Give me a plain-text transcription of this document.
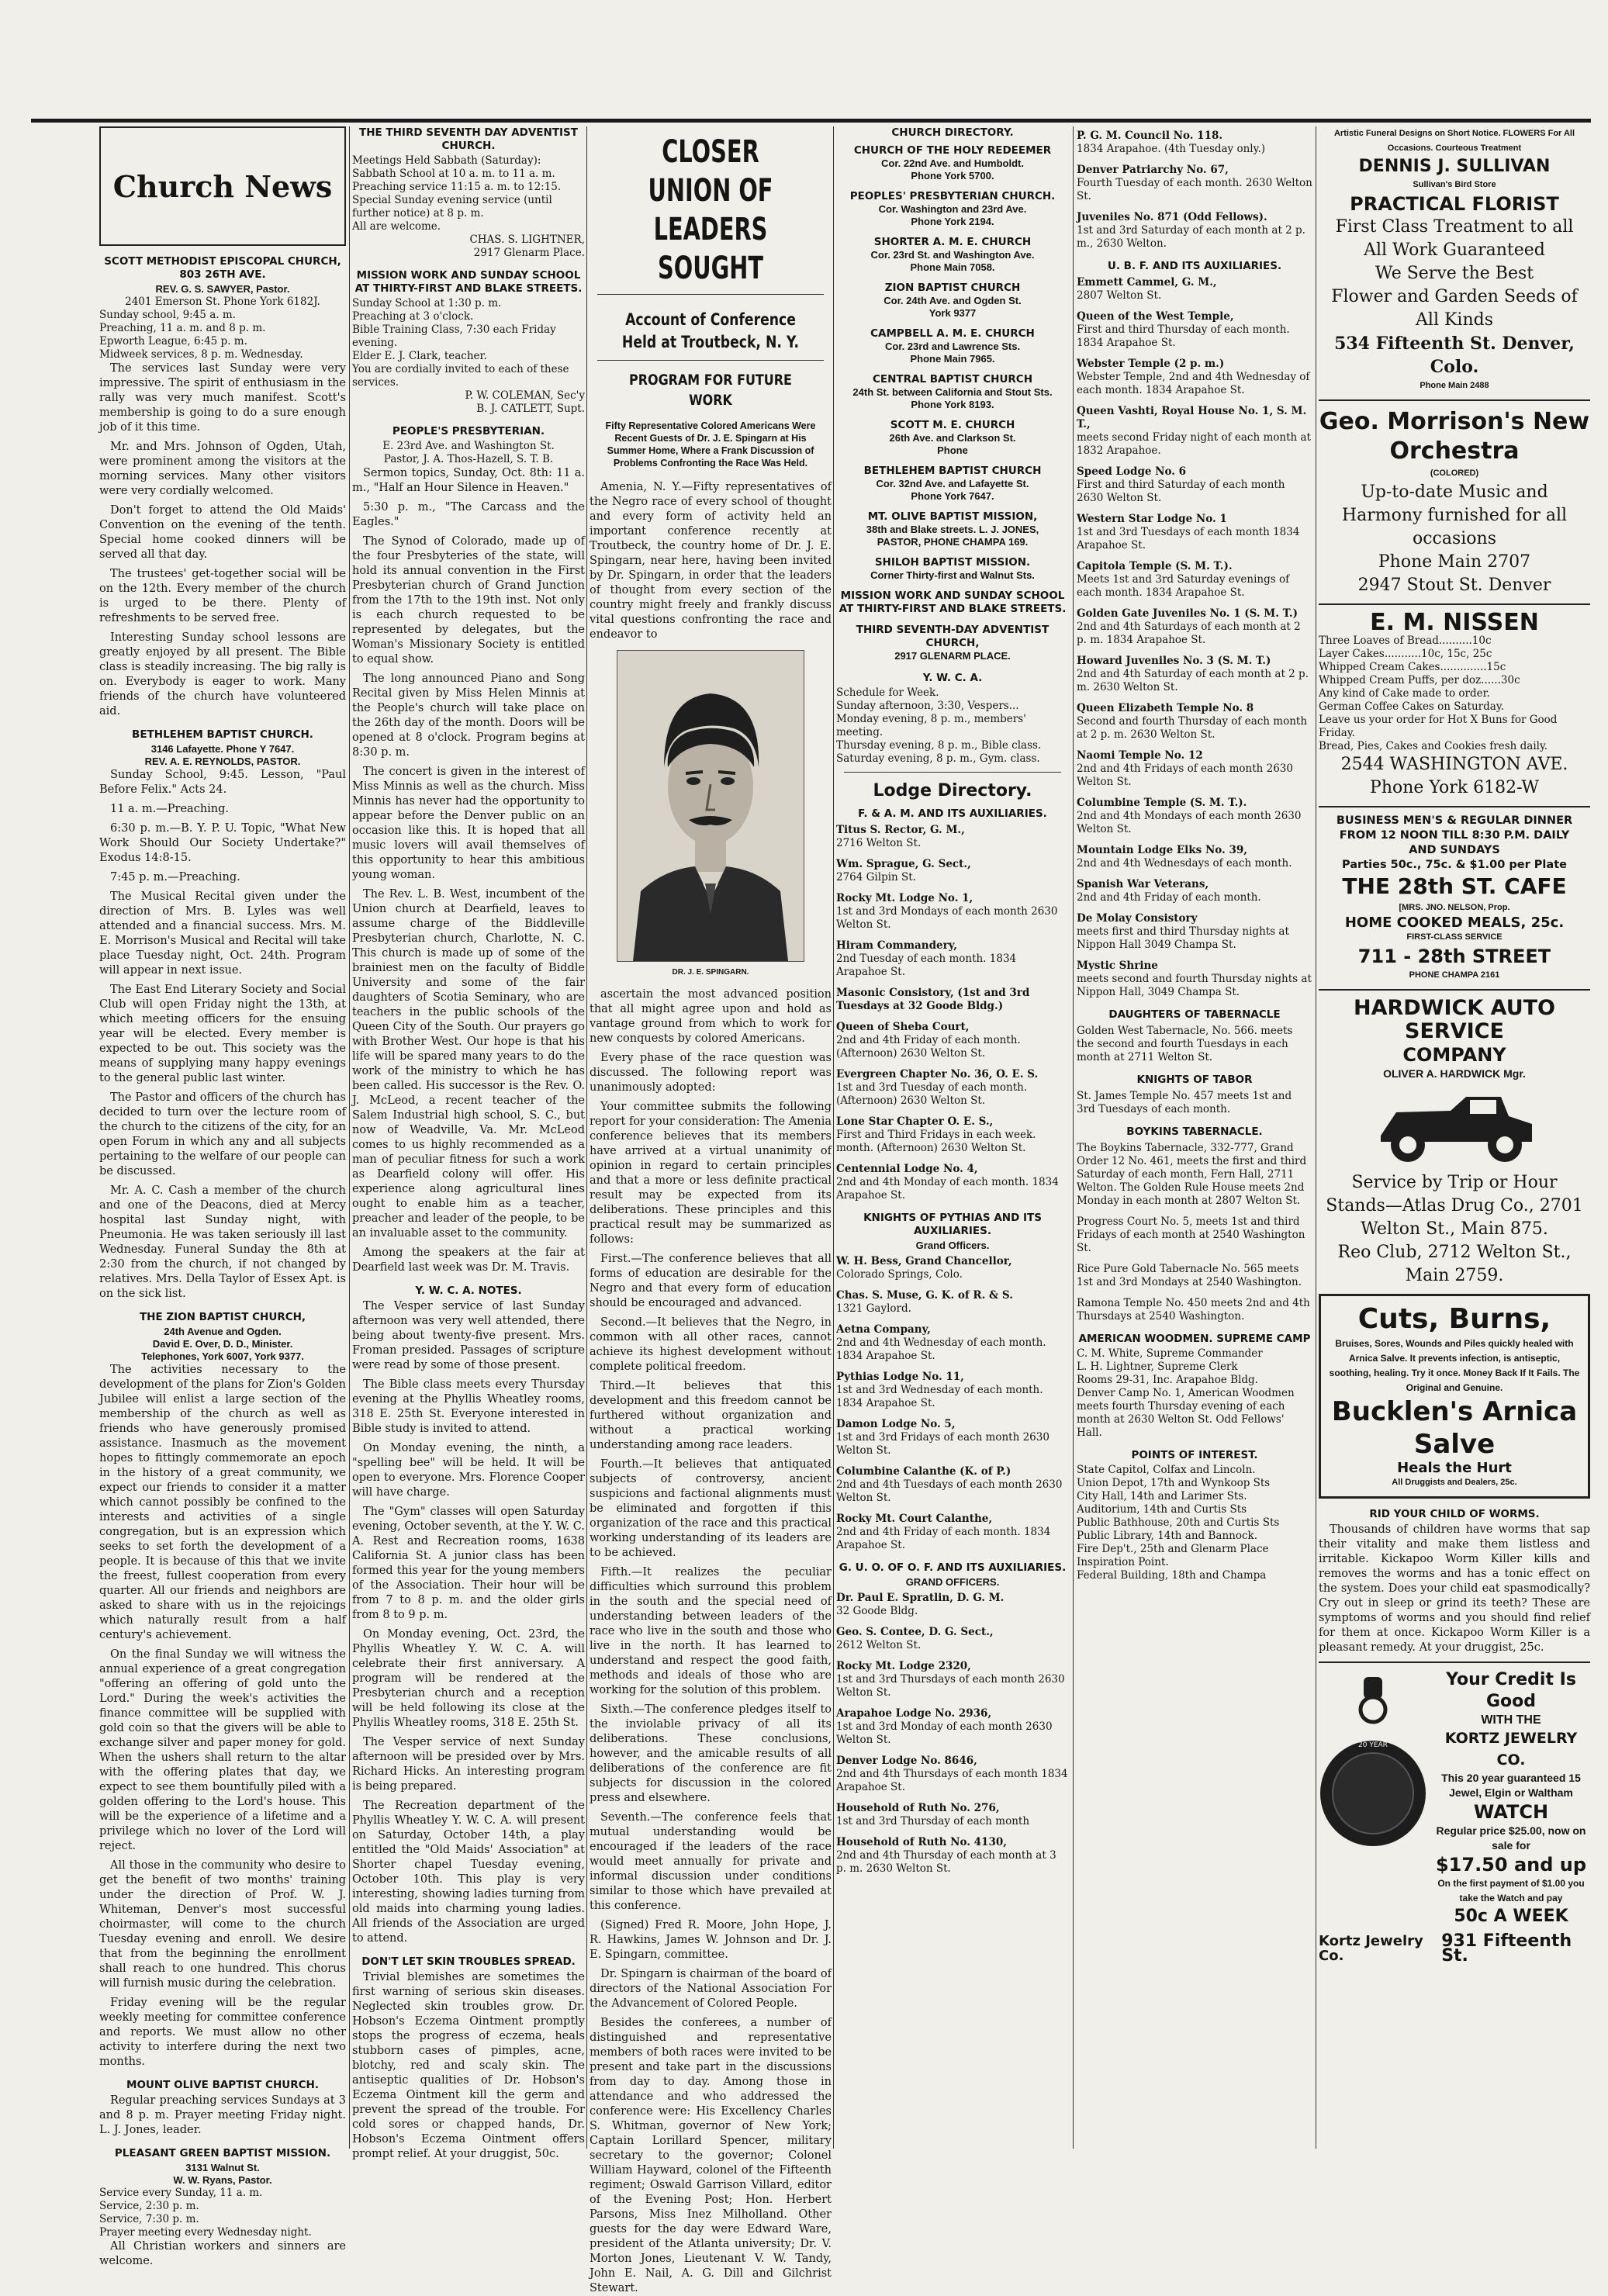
Church News
SCOTT METHODIST EPISCOPAL CHURCH, 803 26TH AVE.
REV. G. S. SAWYER, Pastor.
2401 Emerson St. Phone York 6182J.
Sunday school, 9:45 a. m.
Preaching, 11 a. m. and 8 p. m.
Epworth League, 6:45 p. m.
Midweek services, 8 p. m. Wednesday.

The services last Sunday were very impressive. The spirit of enthusiasm in the rally was very much manifest. Scott's membership is going to do a sure enough job of it this time.

Mr. and Mrs. Johnson of Ogden, Utah, were prominent among the visitors at the morning services. Many other visitors were very cordially welcomed.

Don't forget to attend the Old Maids' Convention on the evening of the tenth. Special home cooked dinners will be served all that day.

The trustees' get-together social will be on the 12th. Every member of the church is urged to be there. Plenty of refreshments to be served free.

Interesting Sunday school lessons are greatly enjoyed by all present. The Bible class is steadily increasing. The big rally is on. Everybody is eager to work. Many friends of the church have volunteered aid.

BETHLEHEM BAPTIST CHURCH.
3146 Lafayette. Phone Y 7647.
REV. A. E. REYNOLDS, PASTOR.

Sunday School, 9:45. Lesson, "Paul Before Felix." Acts 24.

11 a. m.—Preaching.

6:30 p. m.—B. Y. P. U. Topic, "What New Work Should Our Society Undertake?" Exodus 14:8-15.

7:45 p. m.—Preaching.

The Musical Recital given under the direction of Mrs. B. Lyles was well attended and a financial success. Mrs. M. E. Morrison's Musical and Recital will take place Tuesday night, Oct. 24th. Program will appear in next issue.

The East End Literary Society and Social Club will open Friday night the 13th, at which meeting officers for the ensuing year will be elected. Every member is expected to be out. This society was the means of supplying many happy evenings to the general public last winter.

The Pastor and officers of the church has decided to turn over the lecture room of the church to the citizens of the city, for an open Forum in which any and all subjects pertaining to the welfare of our people can be discussed.

Mr. A. C. Cash a member of the church and one of the Deacons, died at Mercy hospital last Sunday night, with Pneumonia. He was taken seriously ill last Wednesday. Funeral Sunday the 8th at 2:30 from the church, if not changed by relatives. Mrs. Della Taylor of Essex Apt. is on the sick list.

THE ZION BAPTIST CHURCH,
24th Avenue and Ogden.
David E. Over, D. D., Minister.
Telephones, York 6007, York 9377.

The activities necessary to the development of the plans for Zion's Golden Jubilee will enlist a large section of the membership of the church as well as friends who have generously promised assistance. Inasmuch as the movement hopes to fittingly commemorate an epoch in the history of a great community, we expect our friends to consider it a matter which cannot possibly be confined to the interests and activities of a single congregation, but is an expression which seeks to set forth the development of a people. It is because of this that we invite the freest, fullest cooperation from every quarter. All our friends and neighbors are asked to share with us in the rejoicings which naturally result from a half century's achievement.

On the final Sunday we will witness the annual experience of a great congregation "offering an offering of gold unto the Lord." During the week's activities the finance committee will be supplied with gold coin so that the givers will be able to exchange silver and paper money for gold. When the ushers shall return to the altar with the offering plates that day, we expect to see them bountifully piled with a golden offering to the Lord's house. This will be the experience of a lifetime and a privilege which no lover of the Lord will reject.

All those in the community who desire to get the benefit of two months' training under the direction of Prof. W. J. Whiteman, Denver's most successful choirmaster, will come to the church Tuesday evening and enroll. We desire that from the beginning the enrollment shall reach to one hundred. This chorus will furnish music during the celebration.

Friday evening will be the regular weekly meeting for committee conference and reports. We must allow no other activity to interfere during the next two months.

MOUNT OLIVE BAPTIST CHURCH.

Regular preaching services Sundays at 3 and 8 p. m. Prayer meeting Friday night. L. J. Jones, leader.

PLEASANT GREEN BAPTIST MISSION.
3131 Walnut St.
W. W. Ryans, Pastor.
Service every Sunday, 11 a. m.
Service, 2:30 p. m.
Service, 7:30 p. m.
Prayer meeting every Wednesday night.

All Christian workers and sinners are welcome.

THE THIRD SEVENTH DAY ADVENTIST CHURCH.
Meetings Held Sabbath (Saturday):
Sabbath School at 10 a. m. to 11 a. m.
Preaching service 11:15 a. m. to 12:15.
Special Sunday evening service (until further notice) at 8 p. m.
All are welcome.
CHAS. S. LIGHTNER,
2917 Glenarm Place.
MISSION WORK AND SUNDAY SCHOOL AT THIRTY-FIRST AND BLAKE STREETS.
Sunday School at 1:30 p. m.
Preaching at 3 o'clock.
Bible Training Class, 7:30 each Friday evening.
Elder E. J. Clark, teacher.
You are cordially invited to each of these services.
P. W. COLEMAN, Sec'y
B. J. CATLETT, Supt.
PEOPLE'S PRESBYTERIAN.
E. 23rd Ave. and Washington St.
Pastor, J. A. Thos-Hazell, S. T. B.

Sermon topics, Sunday, Oct. 8th: 11 a. m., "Half an Hour Silence in Heaven."

5:30 p. m., "The Carcass and the Eagles."

The Synod of Colorado, made up of the four Presbyteries of the state, will hold its annual convention in the First Presbyterian church of Grand Junction from the 17th to the 19th inst. Not only is each church requested to be represented by delegates, but the Woman's Missionary Society is entitled to equal show.

The long announced Piano and Song Recital given by Miss Helen Minnis at the People's church will take place on the 26th day of the month. Doors will be opened at 8 o'clock. Program begins at 8:30 p. m.

The concert is given in the interest of Miss Minnis as well as the church. Miss Minnis has never had the opportunity to appear before the Denver public on an occasion like this. It is hoped that all music lovers will avail themselves of this opportunity to hear this ambitious young woman.

The Rev. L. B. West, incumbent of the Union church at Dearfield, leaves to assume charge of the Biddleville Presbyterian church, Charlotte, N. C. This church is made up of some of the brainiest men on the faculty of Biddle University and some of the fair daughters of Scotia Seminary, who are teachers in the public schools of the Queen City of the South. Our prayers go with Brother West. Our hope is that his life will be spared many years to do the work of the ministry to which he has been called. His successor is the Rev. O. J. McLeod, a recent teacher of the Salem Industrial high school, S. C., but now of Weadville, Va. Mr. McLeod comes to us highly recommended as a man of peculiar fitness for such a work as Dearfield colony will offer. His experience along agricultural lines ought to enable him as a teacher, preacher and leader of the people, to be an invaluable asset to the community.

Among the speakers at the fair at Dearfield last week was Dr. M. Travis.

Y. W. C. A. NOTES.

The Vesper service of last Sunday afternoon was very well attended, there being about twenty-five present. Mrs. Froman presided. Passages of scripture were read by some of those present.

The Bible class meets every Thursday evening at the Phyllis Wheatley rooms, 318 E. 25th St. Everyone interested in Bible study is invited to attend.

On Monday evening, the ninth, a "spelling bee" will be held. It will be open to everyone. Mrs. Florence Cooper will have charge.

The "Gym" classes will open Saturday evening, October seventh, at the Y. W. C. A. Rest and Recreation rooms, 1638 California St. A junior class has been formed this year for the young members of the Association. Their hour will be from 7 to 8 p. m. and the older girls from 8 to 9 p. m.

On Monday evening, Oct. 23rd, the Phyllis Wheatley Y. W. C. A. will celebrate their first anniversary. A program will be rendered at the Presbyterian church and a reception will be held following its close at the Phyllis Wheatley rooms, 318 E. 25th St.

The Vesper service of next Sunday afternoon will be presided over by Mrs. Richard Hicks. An interesting program is being prepared.

The Recreation department of the Phyllis Wheatley Y. W. C. A. will present on Saturday, October 14th, a play entitled the "Old Maids' Association" at Shorter chapel Tuesday evening, October 10th. This play is very interesting, showing ladies turning from old maids into charming young ladies. All friends of the Association are urged to attend.

DON'T LET SKIN TROUBLES SPREAD.

Trivial blemishes are sometimes the first warning of serious skin diseases. Neglected skin troubles grow. Dr. Hobson's Eczema Ointment promptly stops the progress of eczema, heals stubborn cases of pimples, acne, blotchy, red and scaly skin. The antiseptic qualities of Dr. Hobson's Eczema Ointment kill the germ and prevent the spread of the trouble. For cold sores or chapped hands, Dr. Hobson's Eczema Ointment offers prompt relief. At your druggist, 50c.

CLOSER UNION OF LEADERS SOUGHT
Account of Conference Held at Troutbeck, N. Y.
PROGRAM FOR FUTURE WORK
Fifty Representative Colored Americans Were Recent Guests of Dr. J. E. Spingarn at His Summer Home, Where a Frank Discussion of Problems Confronting the Race Was Held.

Amenia, N. Y.—Fifty representatives of the Negro race of every school of thought and every form of activity held an important conference recently at Troutbeck, the country home of Dr. J. E. Spingarn, near here, having been invited by Dr. Spingarn, in order that the leaders of thought from every section of the country might freely and frankly discuss vital questions confronting the race and endeavor to

DR. J. E. SPINGARN.

ascertain the most advanced position that all might agree upon and hold as vantage ground from which to work for new conquests by colored Americans.

Every phase of the race question was discussed. The following report was unanimously adopted:

Your committee submits the following report for your consideration: The Amenia conference believes that its members have arrived at a virtual unanimity of opinion in regard to certain principles and that a more or less definite practical result may be expected from its deliberations. These principles and this practical result may be summarized as follows:

First.—The conference believes that all forms of education are desirable for the Negro and that every form of education should be encouraged and advanced.

Second.—It believes that the Negro, in common with all other races, cannot achieve its highest development without complete political freedom.

Third.—It believes that this development and this freedom cannot be furthered without organization and without a practical working understanding among race leaders.

Fourth.—It believes that antiquated subjects of controversy, ancient suspicions and factional alignments must be eliminated and forgotten if this organization of the race and this practical working understanding of its leaders are to be achieved.

Fifth.—It realizes the peculiar difficulties which surround this problem in the south and the special need of understanding between leaders of the race who live in the south and those who live in the north. It has learned to understand and respect the good faith, methods and ideals of those who are working for the solution of this problem.

Sixth.—The conference pledges itself to the inviolable privacy of all its deliberations. These conclusions, however, and the amicable results of all deliberations of the conference are fit subjects for discussion in the colored press and elsewhere.

Seventh.—The conference feels that mutual understanding would be encouraged if the leaders of the race would meet annually for private and informal discussion under conditions similar to those which have prevailed at this conference.

(Signed) Fred R. Moore, John Hope, J. R. Hawkins, James W. Johnson and Dr. J. E. Spingarn, committee.

Dr. Spingarn is chairman of the board of directors of the National Association For the Advancement of Colored People.

Besides the conferees, a number of distinguished and representative members of both races were invited to be present and take part in the discussions from day to day. Among those in attendance and who addressed the conference were: His Excellency Charles S. Whitman, governor of New York; Captain Lorillard Spencer, military secretary to the governor; Colonel William Hayward, colonel of the Fifteenth regiment; Oswald Garrison Villard, editor of the Evening Post; Hon. Herbert Parsons, Miss Inez Milholland. Other guests for the day were Edward Ware, president of the Atlanta university; Dr. V. Morton Jones, Lieutenant V. W. Tandy, John E. Nail, A. G. Dill and Gilchrist Stewart.

CHURCH DIRECTORY.
CHURCH OF THE HOLY REDEEMER
Cor. 22nd Ave. and Humboldt.
Phone York 5700.
PEOPLES' PRESBYTERIAN CHURCH.
Cor. Washington and 23rd Ave.
Phone York 2194.
SHORTER A. M. E. CHURCH
Cor. 23rd St. and Washington Ave.
Phone Main 7058.
ZION BAPTIST CHURCH
Cor. 24th Ave. and Ogden St.
York 9377
CAMPBELL A. M. E. CHURCH
Cor. 23rd and Lawrence Sts.
Phone Main 7965.
CENTRAL BAPTIST CHURCH
24th St. between California and Stout Sts.
Phone York 8193.
SCOTT M. E. CHURCH
26th Ave. and Clarkson St.
Phone
BETHLEHEM BAPTIST CHURCH
Cor. 32nd Ave. and Lafayette St.
Phone York 7647.
MT. OLIVE BAPTIST MISSION,
38th and Blake streets. L. J. JONES,
PASTOR, PHONE CHAMPA 169.
SHILOH BAPTIST MISSION.
Corner Thirty-first and Walnut Sts.
MISSION WORK AND SUNDAY SCHOOL AT THIRTY-FIRST AND BLAKE STREETS.
THIRD SEVENTH-DAY ADVENTIST CHURCH,
2917 GLENARM PLACE.
Y. W. C. A.
Schedule for Week.
Sunday afternoon, 3:30, Vespers...
Monday evening, 8 p. m., members' meeting.
Thursday evening, 8 p. m., Bible class.
Saturday evening, 8 p. m., Gym. class.
Lodge Directory.
F. & A. M. AND ITS AUXILIARIES.
Titus S. Rector, G. M.,
2716 Welton St.
Wm. Sprague, G. Sect.,
2764 Gilpin St.
Rocky Mt. Lodge No. 1,
1st and 3rd Mondays of each month 2630 Welton St.
Hiram Commandery,
2nd Tuesday of each month. 1834 Arapahoe St.
Masonic Consistory, (1st and 3rd Tuesdays at 32 Goode Bldg.)
Queen of Sheba Court,
2nd and 4th Friday of each month. (Afternoon) 2630 Welton St.
Evergreen Chapter No. 36, O. E. S.
1st and 3rd Tuesday of each month. (Afternoon) 2630 Welton St.
Lone Star Chapter O. E. S.,
First and Third Fridays in each week. month. (Afternoon) 2630 Welton St.
Centennial Lodge No. 4,
2nd and 4th Monday of each month. 1834 Arapahoe St.
KNIGHTS OF PYTHIAS AND ITS AUXILIARIES.
Grand Officers.
W. H. Bess, Grand Chancellor,
Colorado Springs, Colo.
Chas. S. Muse, G. K. of R. & S.
1321 Gaylord.
Aetna Company,
2nd and 4th Wednesday of each month. 1834 Arapahoe St.
Pythias Lodge No. 11,
1st and 3rd Wednesday of each month. 1834 Arapahoe St.
Damon Lodge No. 5,
1st and 3rd Fridays of each month 2630 Welton St.
Columbine Calanthe (K. of P.)
2nd and 4th Tuesdays of each month 2630 Welton St.
Rocky Mt. Court Calanthe,
2nd and 4th Friday of each month. 1834 Arapahoe St.
G. U. O. OF O. F. AND ITS AUXILIARIES.
GRAND OFFICERS.
Dr. Paul E. Spratlin, D. G. M.
32 Goode Bldg.
Geo. S. Contee, D. G. Sect.,
2612 Welton St.
Rocky Mt. Lodge 2320,
1st and 3rd Thursdays of each month 2630 Welton St.
Arapahoe Lodge No. 2936,
1st and 3rd Monday of each month 2630 Welton St.
Denver Lodge No. 8646,
2nd and 4th Thursdays of each month 1834 Arapahoe St.
Household of Ruth No. 276,
1st and 3rd Thursday of each month
Household of Ruth No. 4130,
2nd and 4th Thursday of each month at 3 p. m. 2630 Welton St.
P. G. M. Council No. 118.
1834 Arapahoe. (4th Tuesday only.)
Denver Patriarchy No. 67,
Fourth Tuesday of each month. 2630 Welton St.
Juveniles No. 871 (Odd Fellows).
1st and 3rd Saturday of each month at 2 p. m., 2630 Welton.
U. B. F. AND ITS AUXILIARIES.
Emmett Cammel, G. M.,
2807 Welton St.
Queen of the West Temple,
First and third Thursday of each month. 1834 Arapahoe St.
Webster Temple (2 p. m.)
Webster Temple, 2nd and 4th Wednesday of each month. 1834 Arapahoe St.
Queen Vashti, Royal House No. 1, S. M. T.,
meets second Friday night of each month at 1832 Arapahoe.
Speed Lodge No. 6
First and third Saturday of each month 2630 Welton St.
Western Star Lodge No. 1
1st and 3rd Tuesdays of each month 1834 Arapahoe St.
Capitola Temple (S. M. T.).
Meets 1st and 3rd Saturday evenings of each month. 1834 Arapahoe St.
Golden Gate Juveniles No. 1 (S. M. T.)
2nd and 4th Saturdays of each month at 2 p. m. 1834 Arapahoe St.
Howard Juveniles No. 3 (S. M. T.)
2nd and 4th Saturday of each month at 2 p. m. 2630 Welton St.
Queen Elizabeth Temple No. 8
Second and fourth Thursday of each month at 2 p. m. 2630 Welton St.
Naomi Temple No. 12
2nd and 4th Fridays of each month 2630 Welton St.
Columbine Temple (S. M. T.).
2nd and 4th Mondays of each month 2630 Welton St.
Mountain Lodge Elks No. 39,
2nd and 4th Wednesdays of each month.
Spanish War Veterans,
2nd and 4th Friday of each month.
De Molay Consistory
meets first and third Thursday nights at Nippon Hall 3049 Champa St.
Mystic Shrine
meets second and fourth Thursday nights at Nippon Hall, 3049 Champa St.
DAUGHTERS OF TABERNACLE
Golden West Tabernacle, No. 566. meets the second and fourth Tuesdays in each month at 2711 Welton St.
KNIGHTS OF TABOR
St. James Temple No. 457 meets 1st and 3rd Tuesdays of each month.
BOYKINS TABERNACLE.
The Boykins Tabernacle, 332-777, Grand Order 12 No. 461, meets the first and third Saturday of each month, Fern Hall, 2711 Welton. The Golden Rule House meets 2nd Monday in each month at 2807 Welton St.
Progress Court No. 5, meets 1st and third Fridays of each month at 2540 Washington St.
Rice Pure Gold Tabernacle No. 565 meets 1st and 3rd Mondays at 2540 Washington.
Ramona Temple No. 450 meets 2nd and 4th Thursdays at 2540 Washington.
AMERICAN WOODMEN. SUPREME CAMP
C. M. White, Supreme Commander
L. H. Lightner, Supreme Clerk
Rooms 29-31, Inc. Arapahoe Bldg.
Denver Camp No. 1, American Woodmen meets fourth Thursday evening of each month at 2630 Welton St. Odd Fellows' Hall.
POINTS OF INTEREST.
State Capitol, Colfax and Lincoln.
Union Depot, 17th and Wynkoop Sts
City Hall, 14th and Larimer Sts.
Auditorium, 14th and Curtis Sts
Public Bathhouse, 20th and Curtis Sts
Public Library, 14th and Bannock.
Fire Dep't., 25th and Glenarm Place
Inspiration Point.
Federal Building, 18th and Champa
Artistic Funeral Designs on Short Notice. FLOWERS For All Occasions. Courteous Treatment
DENNIS J. SULLIVAN
Sullivan's Bird Store
PRACTICAL FLORIST
First Class Treatment to all
All Work Guaranteed
We Serve the Best
Flower and Garden Seeds of
All Kinds
534 Fifteenth St. Denver, Colo.
Phone Main 2488
Geo. Morrison's New Orchestra
(COLORED)
Up-to-date Music and Harmony furnished for all occasions
Phone Main 2707
2947 Stout St. Denver
E. M. NISSEN
Three Loaves of Bread..........10c
Layer Cakes...........10c, 15c, 25c
Whipped Cream Cakes..............15c
Whipped Cream Puffs, per doz......30c
Any kind of Cake made to order.
German Coffee Cakes on Saturday.
Leave us your order for Hot X Buns for Good Friday.
Bread, Pies, Cakes and Cookies fresh daily.
2544 WASHINGTON AVE.
Phone York 6182-W
BUSINESS MEN'S & REGULAR DINNER
FROM 12 NOON TILL 8:30 P.M. DAILY
AND SUNDAYS
Parties 50c., 75c. & $1.00 per Plate
THE 28th ST. CAFE
[MRS. JNO. NELSON, Prop.
HOME COOKED MEALS, 25c.
FIRST-CLASS SERVICE
711 - 28th STREET
PHONE CHAMPA 2161
HARDWICK AUTO SERVICE
COMPANY
OLIVER A. HARDWICK Mgr.
Service by Trip or Hour
Stands—Atlas Drug Co., 2701 Welton St., Main 875.
Reo Club, 2712 Welton St., Main 2759.
Cuts, Burns,
Bruises, Sores, Wounds and Piles quickly healed with Arnica Salve. It prevents infection, is antiseptic, soothing, healing. Try it once. Money Back If It Fails. The Original and Genuine.
Bucklen's Arnica Salve
Heals the Hurt
All Druggists and Dealers, 25c.
RID YOUR CHILD OF WORMS.

Thousands of children have worms that sap their vitality and make them listless and irritable. Kickapoo Worm Killer kills and removes the worms and has a tonic effect on the system. Does your child eat spasmodically? Cry out in sleep or grind its teeth? These are symptoms of worms and you should find relief for them at once. Kickapoo Worm Killer is a pleasant remedy. At your druggist, 25c.

20 YEAR
Your Credit Is Good
WITH THE
KORTZ JEWELRY CO.
This 20 year guaranteed 15 Jewel, Elgin or Waltham
WATCH
Regular price $25.00, now on sale for
$17.50 and up
On the first payment of $1.00 you take the Watch and pay
50c A WEEK
Kortz Jewelry Co.
931 Fifteenth St.
